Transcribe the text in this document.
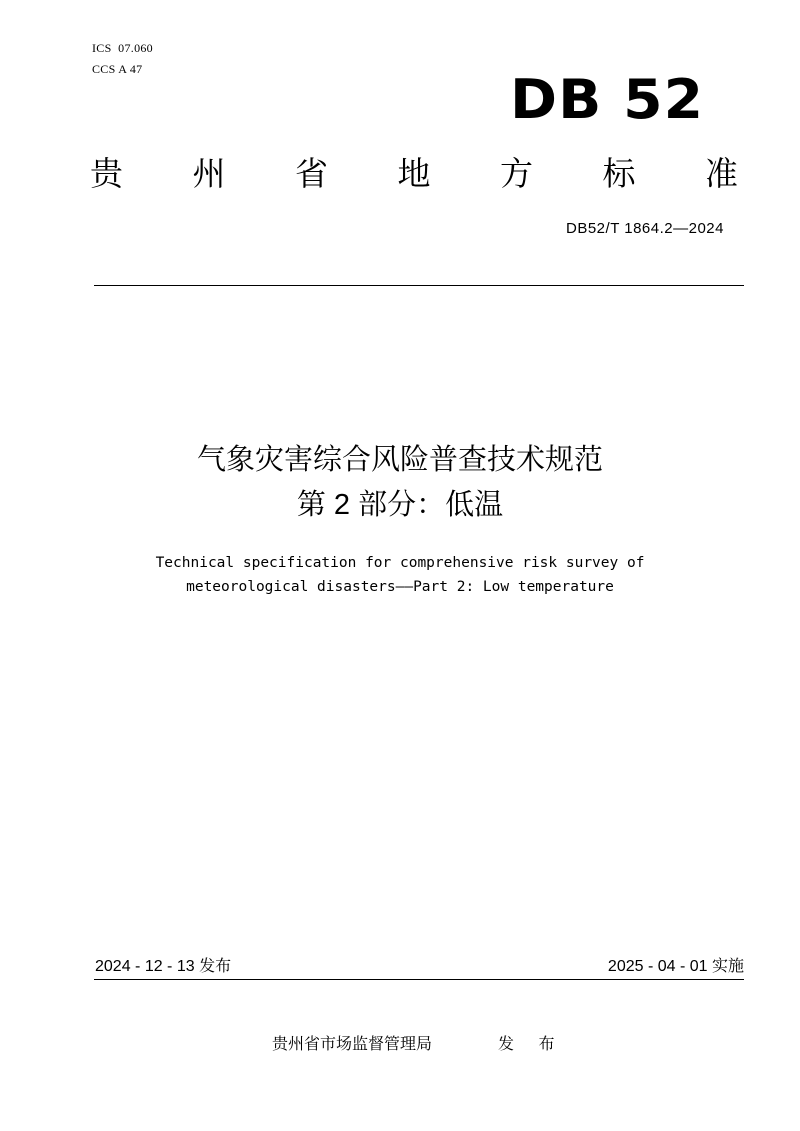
ICS  07.060
CCS A 47	DB 52
贵 州 省 地 方 标 准
DB52/T 1864.2—2024
气象灾害综合风险普查技术规范
第 2 部分：低温
Technical specification for comprehensive risk survey of
meteorological disasters——Part 2: Low temperature
2024 - 12 - 13 发布	2025 - 04 - 01 实施
贵州省市场监督管理局	发 布
